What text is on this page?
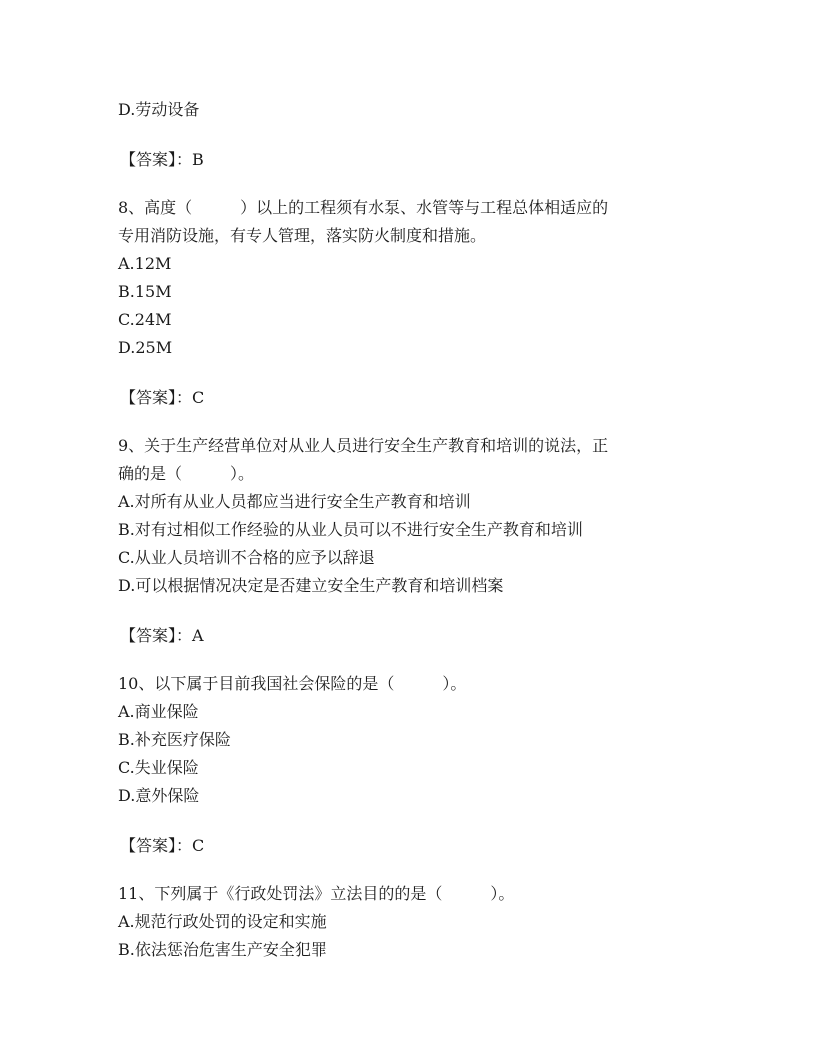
D.劳动设备

【答案】：B

8、高度（　　　）以上的工程须有水泵、水管等与工程总体相适应的

专用消防设施，有专人管理，落实防火制度和措施。

A.12M

B.15M

C.24M

D.25M

【答案】：C

9、关于生产经营单位对从业人员进行安全生产教育和培训的说法，正

确的是（　　　）。

A.对所有从业人员都应当进行安全生产教育和培训

B.对有过相似工作经验的从业人员可以不进行安全生产教育和培训

C.从业人员培训不合格的应予以辞退

D.可以根据情况决定是否建立安全生产教育和培训档案

【答案】：A

10、以下属于目前我国社会保险的是（　　　）。

A.商业保险

B.补充医疗保险

C.失业保险

D.意外保险

【答案】：C

11、下列属于《行政处罚法》立法目的的是（　　　）。

A.规范行政处罚的设定和实施

B.依法惩治危害生产安全犯罪
